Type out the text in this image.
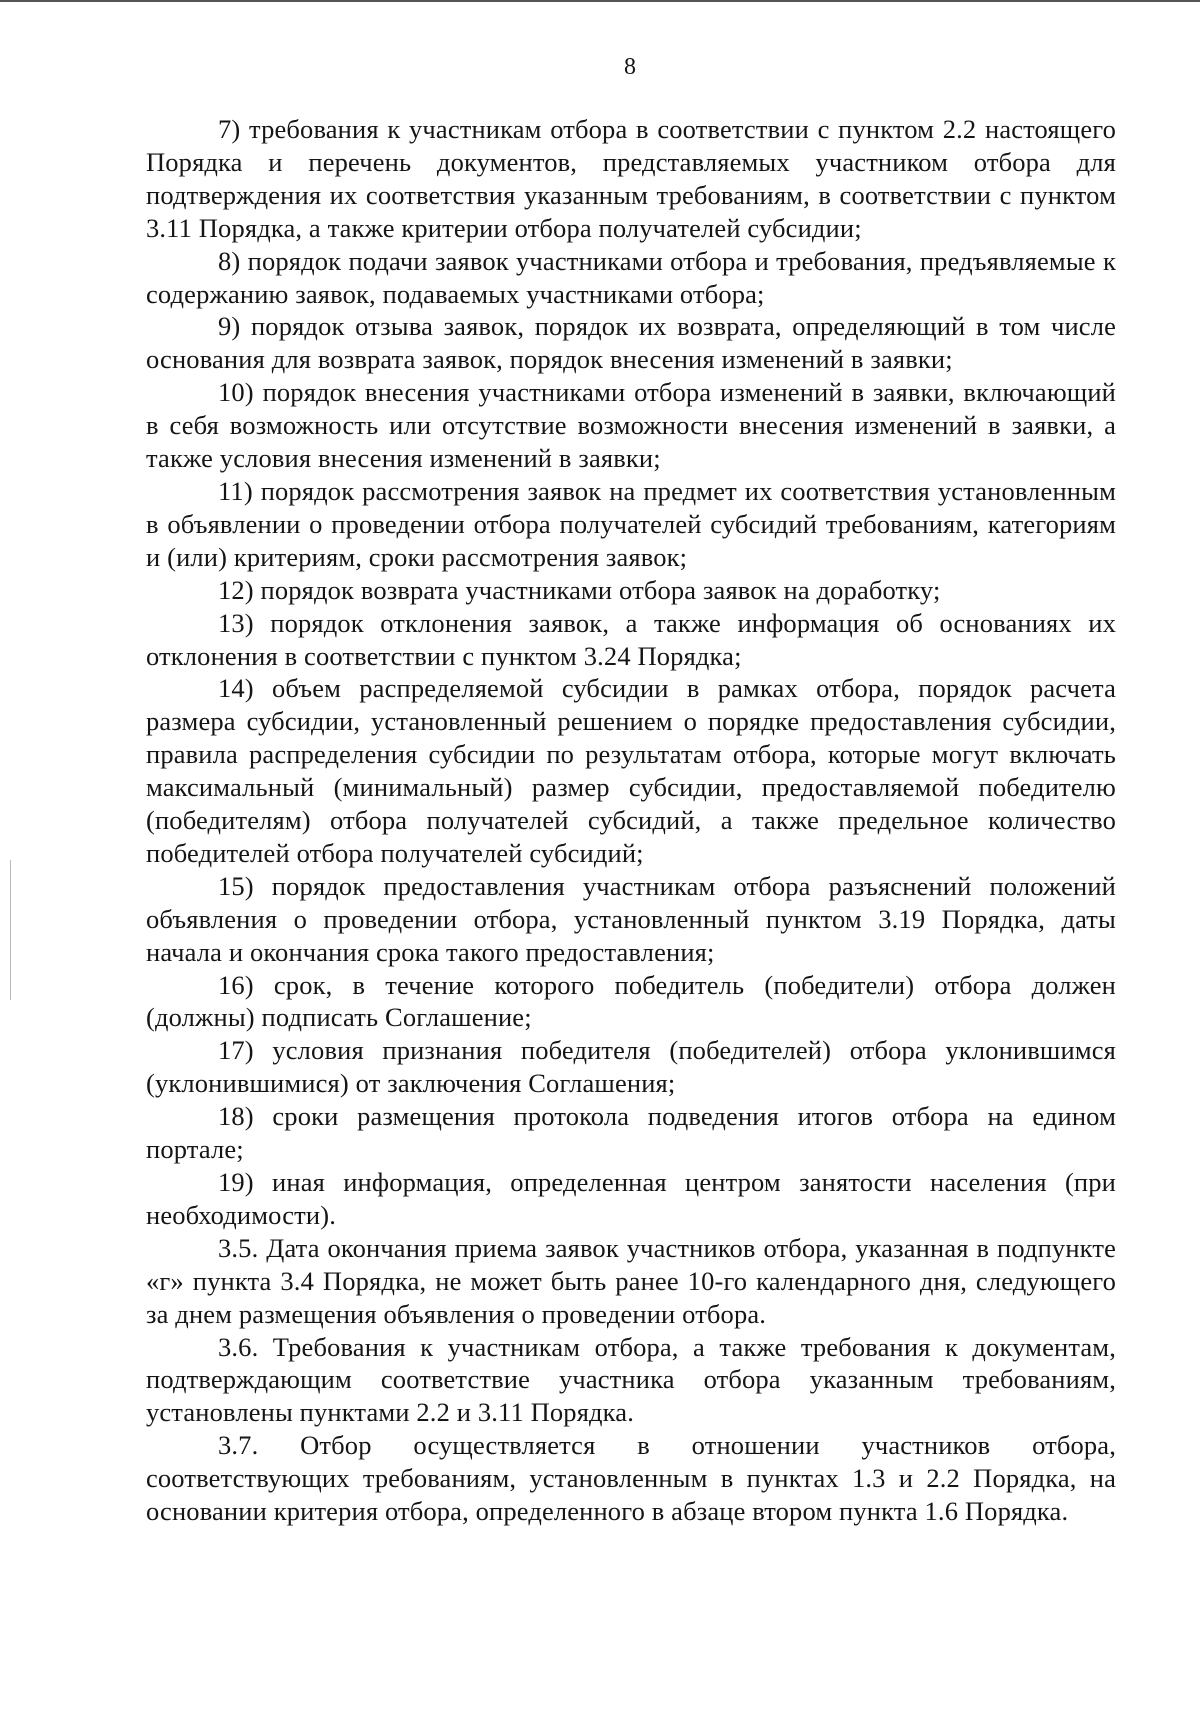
8

7) требования к участникам отбора в соответствии с пунктом 2.2 настоящего Порядка и перечень документов, представляемых участником отбора для подтверждения их соответствия указанным требованиям, в соответствии с пунктом 3.11 Порядка, а также критерии отбора получателей субсидии;

8) порядок подачи заявок участниками отбора и требования, предъявляемые к содержанию заявок, подаваемых участниками отбора;

9) порядок отзыва заявок, порядок их возврата, определяющий в том числе основания для возврата заявок, порядок внесения изменений в заявки;

10) порядок внесения участниками отбора изменений в заявки, включающий в себя возможность или отсутствие возможности внесения изменений в заявки, а также условия внесения изменений в заявки;

11) порядок рассмотрения заявок на предмет их соответствия установленным в объявлении о проведении отбора получателей субсидий требованиям, категориям и (или) критериям, сроки рассмотрения заявок;

12) порядок возврата участниками отбора заявок на доработку;

13) порядок отклонения заявок, а также информация об основаниях их отклонения в соответствии с пунктом 3.24 Порядка;

14) объем распределяемой субсидии в рамках отбора, порядок расчета размера субсидии, установленный решением о порядке предоставления субсидии, правила распределения субсидии по результатам отбора, которые могут включать максимальный (минимальный) размер субсидии, предоставляемой победителю (победителям) отбора получателей субсидий, а также предельное количество победителей отбора получателей субсидий;

15) порядок предоставления участникам отбора разъяснений положений объявления о проведении отбора, установленный пунктом 3.19 Порядка, даты начала и окончания срока такого предоставления;

16) срок, в течение которого победитель (победители) отбора должен (должны) подписать Соглашение;

17) условия признания победителя (победителей) отбора уклонившимся (уклонившимися) от заключения Соглашения;

18) сроки размещения протокола подведения итогов отбора на едином портале;

19) иная информация, определенная центром занятости населения (при необходимости).

3.5. Дата окончания приема заявок участников отбора, указанная в подпункте «г» пункта 3.4 Порядка, не может быть ранее 10-го календарного дня, следующего за днем размещения объявления о проведении отбора.

3.6. Требования к участникам отбора, а также требования к документам, подтверждающим соответствие участника отбора указанным требованиям, установлены пунктами 2.2 и 3.11 Порядка.

3.7. Отбор осуществляется в отношении участников отбора, соответствующих требованиям, установленным в пунктах 1.3 и 2.2 Порядка, на основании критерия отбора, определенного в абзаце втором пункта 1.6 Порядка.
